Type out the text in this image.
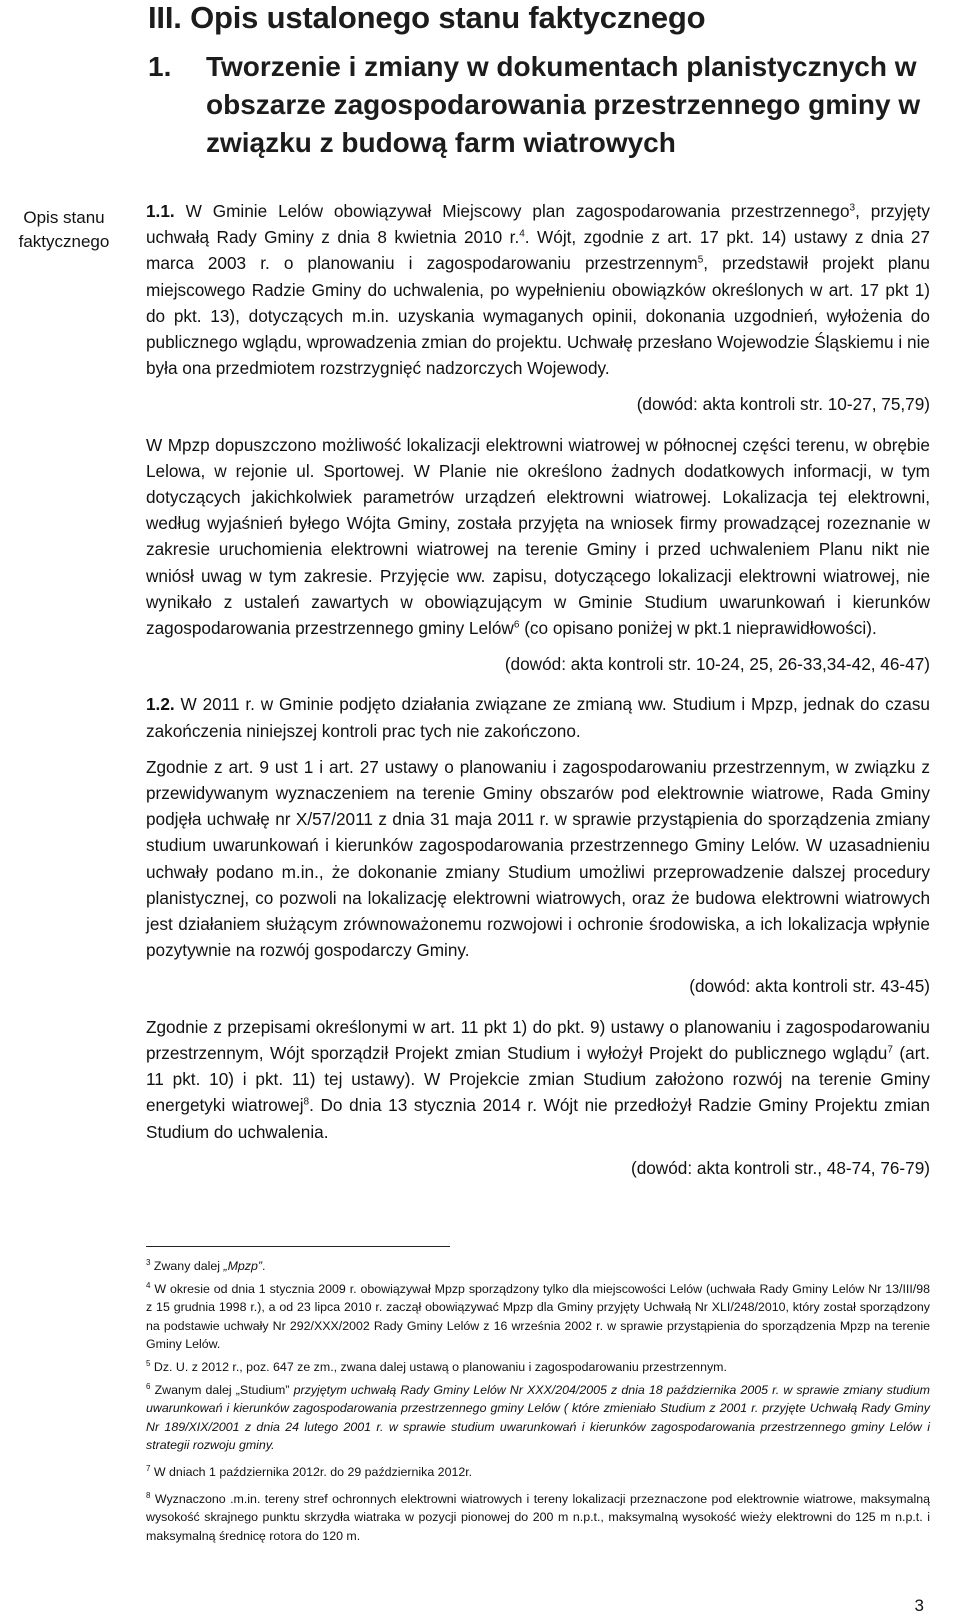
III. Opis ustalonego stanu faktycznego
1. Tworzenie i zmiany w dokumentach planistycznych w obszarze zagospodarowania przestrzennego gminy w związku z budową farm wiatrowych
Opis stanu
faktycznego

1.1. W Gminie Lelów obowiązywał Miejscowy plan zagospodarowania przestrzennego$^3$, przyjęty uchwałą Rady Gminy z dnia 8 kwietnia 2010 r.$^4$. Wójt, zgodnie z art. 17 pkt. 14) ustawy z dnia 27 marca 2003 r. o planowaniu i zagospodarowaniu przestrzennym$^5$, przedstawił projekt planu miejscowego Radzie Gminy do uchwalenia, po wypełnieniu obowiązków określonych w art. 17 pkt 1) do pkt. 13), dotyczących m.in. uzyskania wymaganych opinii, dokonania uzgodnień, wyłożenia do publicznego wglądu, wprowadzenia zmian do projektu. Uchwałę przesłano Wojewodzie Śląskiemu i nie była ona przedmiotem rozstrzygnięć nadzorczych Wojewody.

(dowód: akta kontroli str. 10-27, 75,79)

W Mpzp dopuszczono możliwość lokalizacji elektrowni wiatrowej w północnej części terenu, w obrębie Lelowa, w rejonie ul. Sportowej. W Planie nie określono żadnych dodatkowych informacji, w tym dotyczących jakichkolwiek parametrów urządzeń elektrowni wiatrowej. Lokalizacja tej elektrowni, według wyjaśnień byłego Wójta Gminy, została przyjęta na wniosek firmy prowadzącej rozeznanie w zakresie uruchomienia elektrowni wiatrowej na terenie Gminy i przed uchwaleniem Planu nikt nie wniósł uwag w tym zakresie. Przyjęcie ww. zapisu, dotyczącego lokalizacji elektrowni wiatrowej, nie wynikało z ustaleń zawartych w obowiązującym w Gminie Studium uwarunkowań i kierunków zagospodarowania przestrzennego gminy Lelów$^6$ (co opisano poniżej w pkt.1 nieprawidłowości).

(dowód: akta kontroli str. 10-24, 25, 26-33,34-42, 46-47)

1.2. W 2011 r. w Gminie podjęto działania związane ze zmianą ww. Studium i Mpzp, jednak do czasu zakończenia niniejszej kontroli prac tych nie zakończono.

Zgodnie z art. 9 ust 1 i art. 27 ustawy o planowaniu i zagospodarowaniu przestrzennym, w związku z przewidywanym wyznaczeniem na terenie Gminy obszarów pod elektrownie wiatrowe, Rada Gminy podjęła uchwałę nr X/57/2011 z dnia 31 maja 2011 r. w sprawie przystąpienia do sporządzenia zmiany studium uwarunkowań i kierunków zagospodarowania przestrzennego Gminy Lelów. W uzasadnieniu uchwały podano m.in., że dokonanie zmiany Studium umożliwi przeprowadzenie dalszej procedury planistycznej, co pozwoli na lokalizację elektrowni wiatrowych, oraz że budowa elektrowni wiatrowych jest działaniem służącym zrównoważonemu rozwojowi i ochronie środowiska, a ich lokalizacja wpłynie pozytywnie na rozwój gospodarczy Gminy.

(dowód: akta kontroli str. 43-45)

Zgodnie z przepisami określonymi w art. 11 pkt 1) do pkt. 9) ustawy o planowaniu i zagospodarowaniu przestrzennym, Wójt sporządził Projekt zmian Studium i wyłożył Projekt do publicznego wglądu$^7$ (art. 11 pkt. 10) i pkt. 11) tej ustawy). W Projekcie zmian Studium założono rozwój na terenie Gminy energetyki wiatrowej$^8$. Do dnia 13 stycznia 2014 r. Wójt nie przedłożył Radzie Gminy Projektu zmian Studium do uchwalenia.

(dowód: akta kontroli str., 48-74, 76-79)

$^3$ Zwany dalej „Mpzp”.

$^4$ W okresie od dnia 1 stycznia 2009 r. obowiązywał Mpzp sporządzony tylko dla miejscowości Lelów (uchwała Rady Gminy Lelów Nr 13/III/98 z 15 grudnia 1998 r.), a od 23 lipca 2010 r. zaczął obowiązywać Mpzp dla Gminy przyjęty Uchwałą Nr XLI/248/2010, który został sporządzony na podstawie uchwały Nr 292/XXX/2002 Rady Gminy Lelów z 16 września 2002 r. w sprawie przystąpienia do sporządzenia Mpzp na terenie Gminy Lelów.

$^5$ Dz. U. z 2012 r., poz. 647 ze zm., zwana dalej ustawą o planowaniu i zagospodarowaniu przestrzennym.

$^6$ Zwanym dalej „Studium” przyjętym uchwałą Rady Gminy Lelów Nr XXX/204/2005 z dnia 18 października 2005 r. w sprawie zmiany studium uwarunkowań i kierunków zagospodarowania przestrzennego gminy Lelów ( które zmieniało Studium z 2001 r. przyjęte Uchwałą Rady Gminy Nr 189/XIX/2001 z dnia 24 lutego 2001 r. w sprawie studium uwarunkowań i kierunków zagospodarowania przestrzennego gminy Lelów i strategii rozwoju gminy.

$^7$ W dniach 1 października 2012r. do 29 października 2012r.

$^8$ Wyznaczono .m.in. tereny stref ochronnych elektrowni wiatrowych i tereny lokalizacji przeznaczone pod elektrownie wiatrowe, maksymalną wysokość skrajnego punktu skrzydła wiatraka w pozycji pionowej do 200 m n.p.t., maksymalną wysokość wieży elektrowni do 125 m n.p.t. i maksymalną średnicę rotora do 120 m.

3
